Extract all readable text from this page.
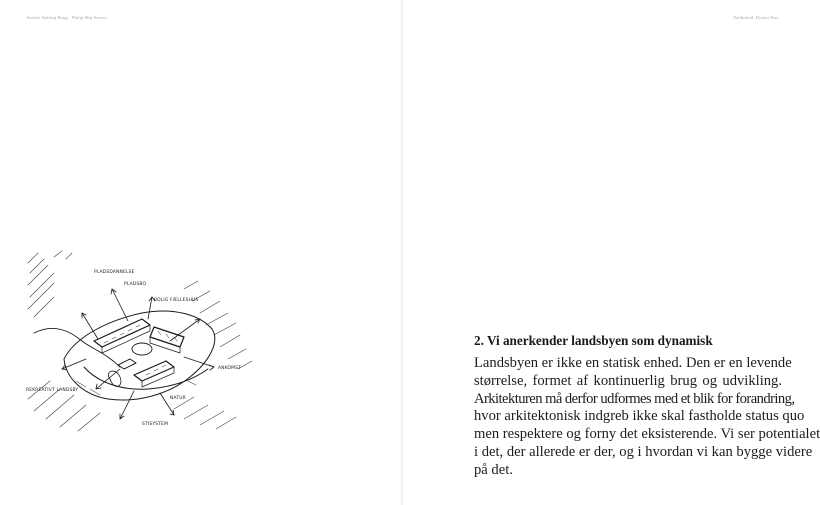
Amalie Skårhøj Bang · Philip Maj Sereno
PLADSDANNELSE
PLADSBO
BOLIG FÆLLESHUS
ANKOMST
REKREATIVT LANDSBY
NATUR
STISYSTEM
Fælleshed, Dyrket Hus
2. Vi anerkender landsbyen som dynamisk
Landsbyen er ikke en statisk enhed. Den er en levende
størrelse, formet af kontinuerlig brug og udvikling.
Arkitekturen må derfor udformes med et blik for forandring,
hvor arkitektonisk indgreb ikke skal fastholde status quo
men respektere og forny det eksisterende. Vi ser potentialet
i det, der allerede er der, og i hvordan vi kan bygge videre
på det.
